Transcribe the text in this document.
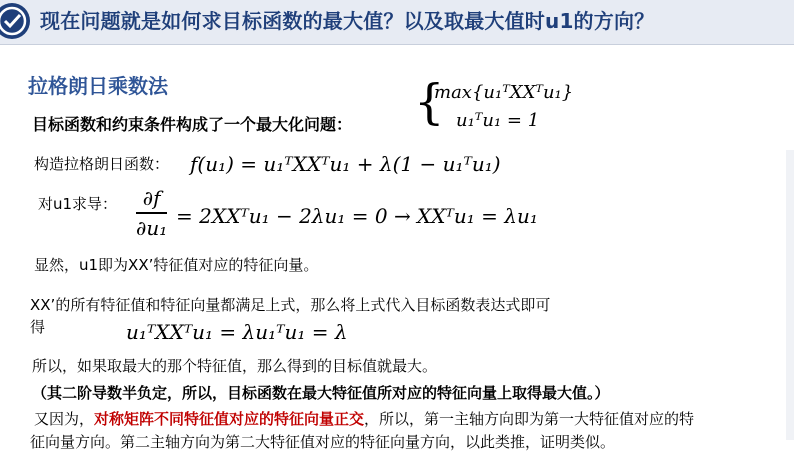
现在问题就是如何求目标函数的最大值？以及取最大值时u1的方向？
拉格朗日乘数法
目标函数和约束条件构成了一个最大化问题： {
max{u₁ᵀXXᵀu₁}
u₁ᵀu₁ = 1
构造拉格朗日函数： f(u₁) = u₁ᵀXXᵀu₁ + λ(1 − u₁ᵀu₁)
对u1求导：	∂f
∂u₁ = 2XXᵀu₁ − 2λu₁ = 0 → XXᵀu₁ = λu₁
显然，u1即为XX’特征值对应的特征向量。
XX’的所有特征值和特征向量都满足上式，那么将上式代入目标函数表达式即可
得	u₁ᵀXXᵀu₁ = λu₁ᵀu₁ = λ
所以，如果取最大的那个特征值，那么得到的目标值就最大。
（其二阶导数半负定，所以，目标函数在最大特征值所对应的特征向量上取得最大值。）
又因为，对称矩阵不同特征值对应的特征向量正交，所以，第一主轴方向即为第一大特征值对应的特
征向量方向。第二主轴方向为第二大特征值对应的特征向量方向，以此类推，证明类似。
